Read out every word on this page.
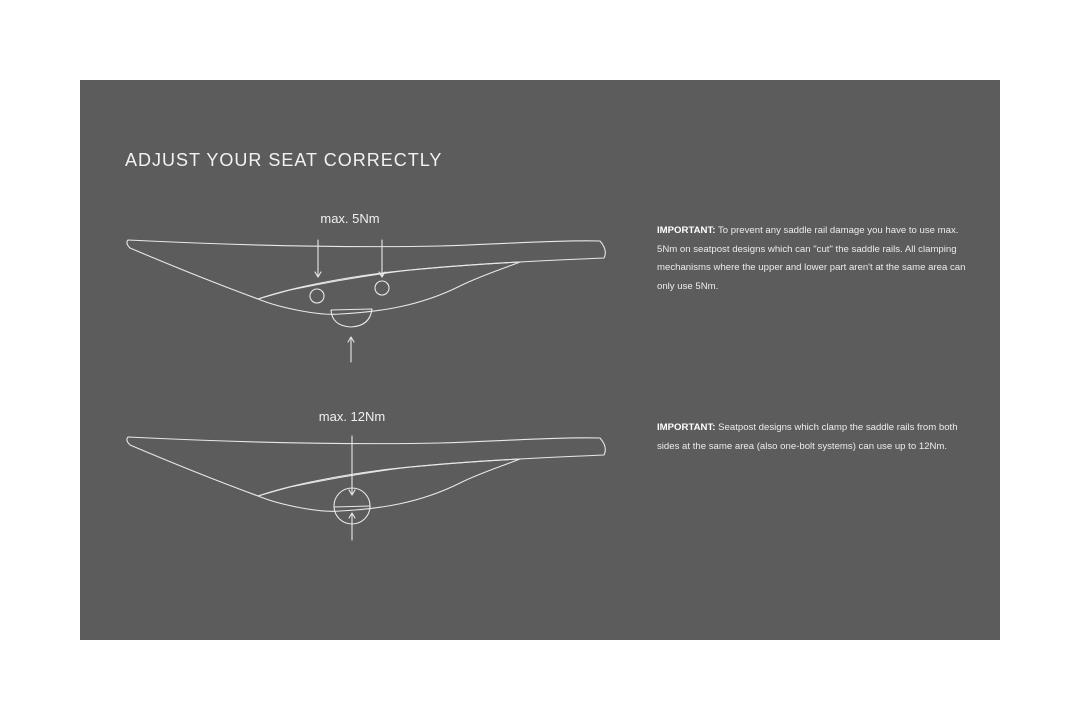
ADJUST YOUR SEAT CORRECTLY
max. 5Nm
max. 12Nm

IMPORTANT: To prevent any saddle rail damage you have to use max. 5Nm on seatpost designs which can "cut" the saddle rails. All clamping mechanisms where the upper and lower part aren't at the same area can only use 5Nm.

IMPORTANT: Seatpost designs which clamp the saddle rails from both sides at the same area (also one-bolt systems) can use up to 12Nm.
